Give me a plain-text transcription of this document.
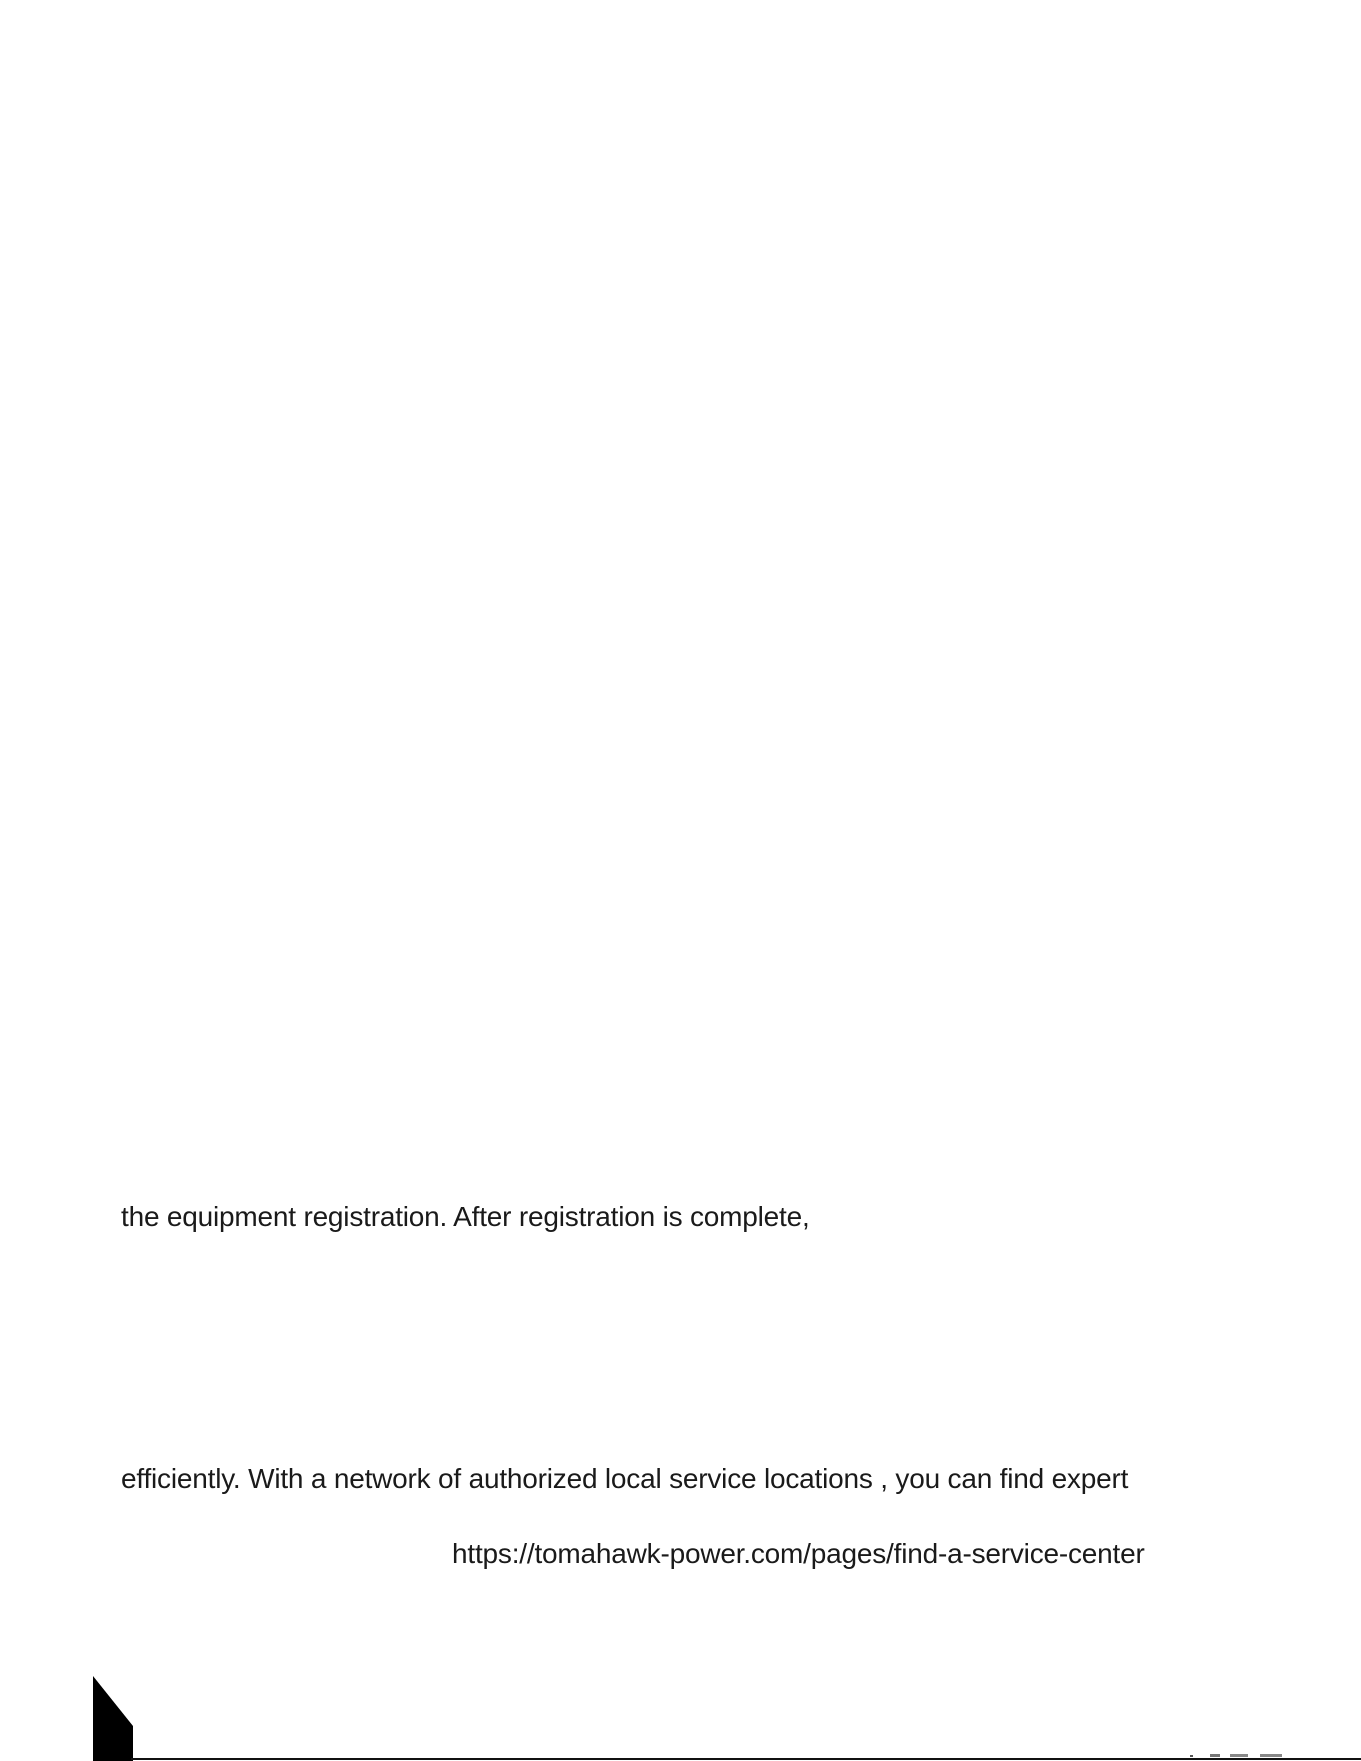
the equipment registration. After registration is complete,
efficiently. With a network of authorized local service locations , you can find expert
https://tomahawk-power.com/pages/find-a-service-center
